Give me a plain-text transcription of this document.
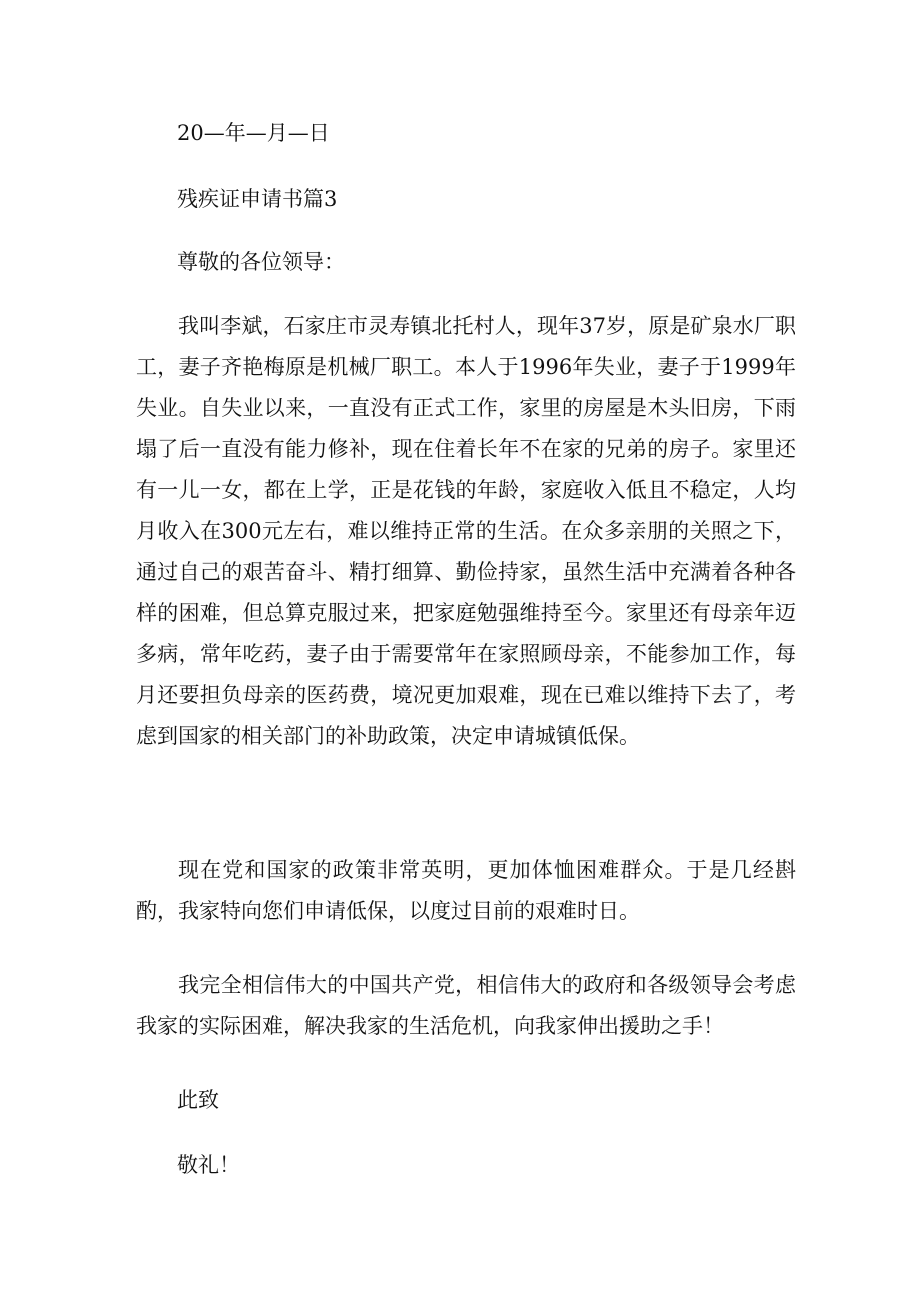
20—年—月—日

残疾证申请书篇3

尊敬的各位领导：

我叫李斌，石家庄市灵寿镇北托村人，现年37岁，原是矿泉水厂职工，妻子齐艳梅原是机械厂职工。本人于1996年失业，妻子于1999年失业。自失业以来，一直没有正式工作，家里的房屋是木头旧房，下雨塌了后一直没有能力修补，现在住着长年不在家的兄弟的房子。家里还有一儿一女，都在上学，正是花钱的年龄，家庭收入低且不稳定，人均月收入在300元左右，难以维持正常的生活。在众多亲朋的关照之下，通过自己的艰苦奋斗、精打细算、勤俭持家，虽然生活中充满着各种各样的困难，但总算克服过来，把家庭勉强维持至今。家里还有母亲年迈多病，常年吃药，妻子由于需要常年在家照顾母亲，不能参加工作，每月还要担负母亲的医药费，境况更加艰难，现在已难以维持下去了，考虑到国家的相关部门的补助政策，决定申请城镇低保。

现在党和国家的政策非常英明，更加体恤困难群众。于是几经斟酌，我家特向您们申请低保，以度过目前的艰难时日。

我完全相信伟大的中国共产党，相信伟大的政府和各级领导会考虑我家的实际困难，解决我家的生活危机，向我家伸出援助之手！

此致

敬礼！
